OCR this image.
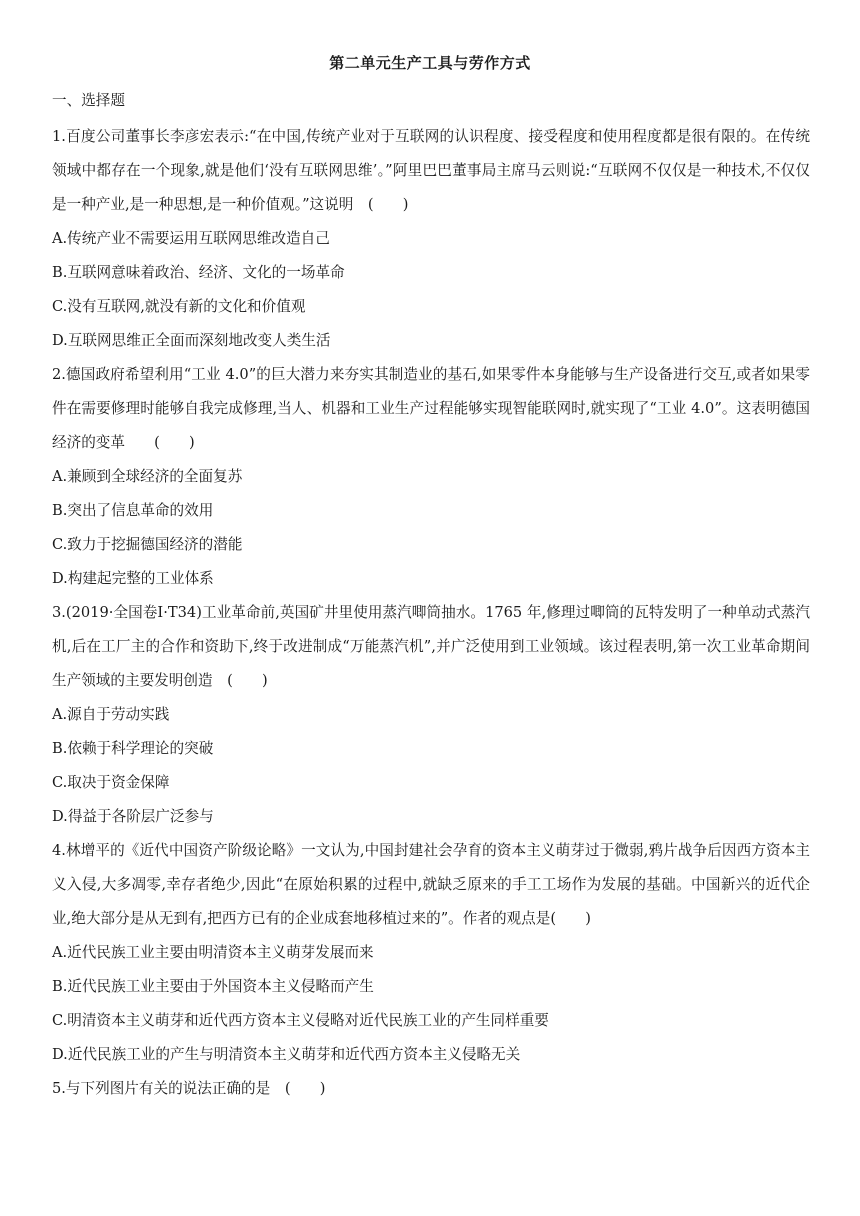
第二单元生产工具与劳作方式
一、选择题

1.百度公司董事长李彦宏表示:“在中国,传统产业对于互联网的认识程度、接受程度和使用程度都是很有限的。在传统领域中都存在一个现象,就是他们‘没有互联网思维’。”阿里巴巴董事局主席马云则说:“互联网不仅仅是一种技术,不仅仅是一种产业,是一种思想,是一种价值观。”这说明　(　　)

A.传统产业不需要运用互联网思维改造自己

B.互联网意味着政治、经济、文化的一场革命

C.没有互联网,就没有新的文化和价值观

D.互联网思维正全面而深刻地改变人类生活

2.德国政府希望利用“工业 4.0”的巨大潜力来夯实其制造业的基石,如果零件本身能够与生产设备进行交互,或者如果零件在需要修理时能够自我完成修理,当人、机器和工业生产过程能够实现智能联网时,就实现了“工业 4.0”。这表明德国经济的变革　　(　　)

A.兼顾到全球经济的全面复苏

B.突出了信息革命的效用

C.致力于挖掘德国经济的潜能

D.构建起完整的工业体系

3.(2019·全国卷Ⅰ·T34)工业革命前,英国矿井里使用蒸汽唧筒抽水。1765 年,修理过唧筒的瓦特发明了一种单动式蒸汽机,后在工厂主的合作和资助下,终于改进制成“万能蒸汽机”,并广泛使用到工业领域。该过程表明,第一次工业革命期间生产领域的主要发明创造　(　　)

A.源自于劳动实践

B.依赖于科学理论的突破

C.取决于资金保障

D.得益于各阶层广泛参与

4.林增平的《近代中国资产阶级论略》一文认为,中国封建社会孕育的资本主义萌芽过于微弱,鸦片战争后因西方资本主义入侵,大多凋零,幸存者绝少,因此“在原始积累的过程中,就缺乏原来的手工工场作为发展的基础。中国新兴的近代企业,绝大部分是从无到有,把西方已有的企业成套地移植过来的”。作者的观点是(　　)

A.近代民族工业主要由明清资本主义萌芽发展而来

B.近代民族工业主要由于外国资本主义侵略而产生

C.明清资本主义萌芽和近代西方资本主义侵略对近代民族工业的产生同样重要

D.近代民族工业的产生与明清资本主义萌芽和近代西方资本主义侵略无关

5.与下列图片有关的说法正确的是　(　　)
